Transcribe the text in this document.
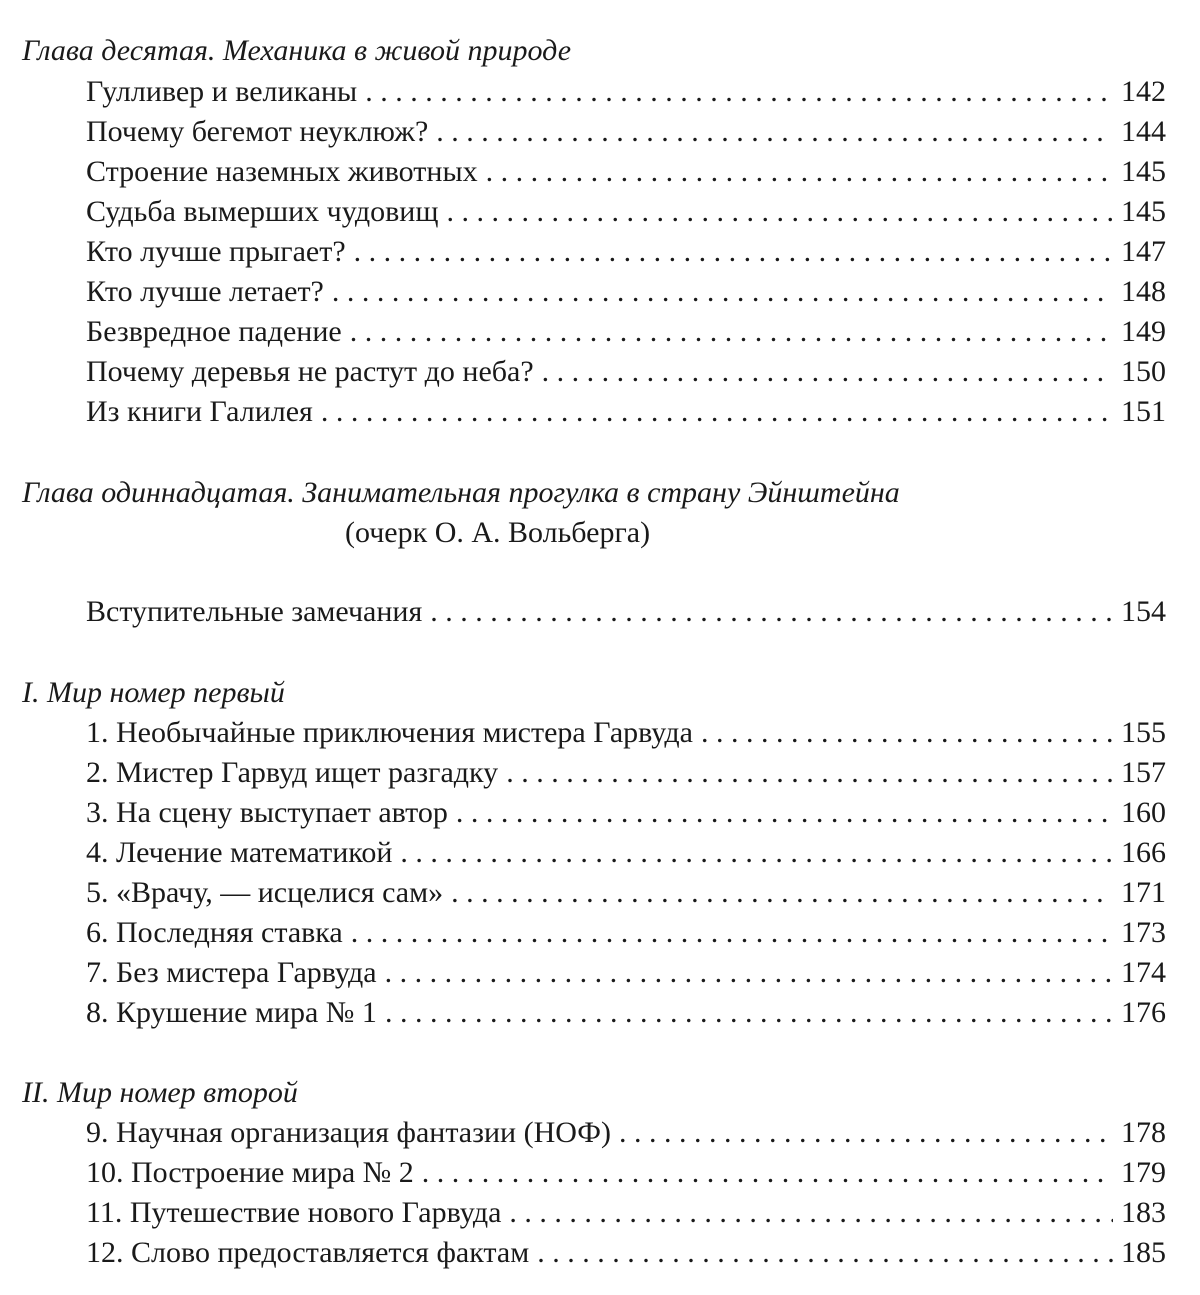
Глава десятая. Механика в живой природе
Гулливер и великаны . . .	142
Почему бегемот неуклюж? . . .	144
Строение наземных животных . . .	145
Судьба вымерших чудовищ . . .	145
Кто лучше прыгает? . . .	147
Кто лучше летает? . . .	148
Безвредное падение . . .	149
Почему деревья не растут до неба? . . .	150
Из книги Галилея . . .	151
Глава одиннадцатая. Занимательная прогулка в страну Эйнштейна
(очерк О. А. Вольберга)
Вступительные замечания . . .	154
I. Мир номер первый
1. Необычайные приключения мистера Гарвуда . . .	155
2. Мистер Гарвуд ищет разгадку . . .	157
3. На сцену выступает автор . . .	160
4. Лечение математикой . . .	166
5. «Врачу, — исцелися сам» . . .	171
6. Последняя ставка . . .	173
7. Без мистера Гарвуда . . .	174
8. Крушение мира № 1 . . .	176
II. Мир номер второй
9. Научная организация фантазии (НОФ) . . .	178
10. Построение мира № 2 . . .	179
11. Путешествие нового Гарвуда . . .	183
12. Слово предоставляется фактам . . .	185
